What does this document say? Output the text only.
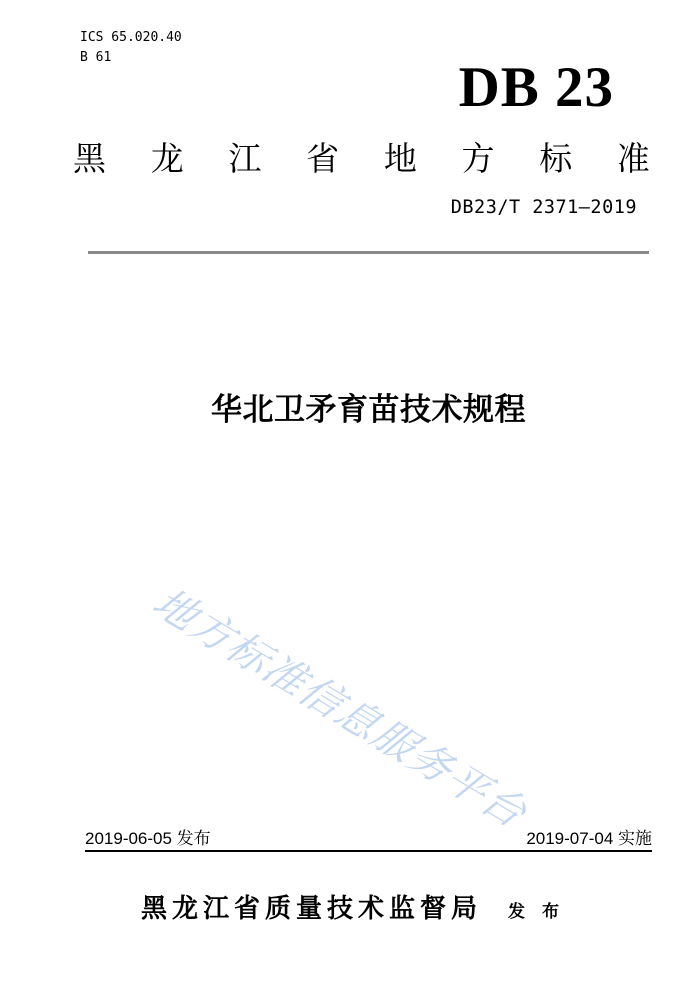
ICS 65.020.40
B 61	DB 23
黑 龙 江 省 地 方 标 准
DB23/T 2371—2019
华北卫矛育苗技术规程
地方标准信息服务平台
2019-06-05 发布	2019-07-04 实施
黑龙江省质量技术监督局 发　布
